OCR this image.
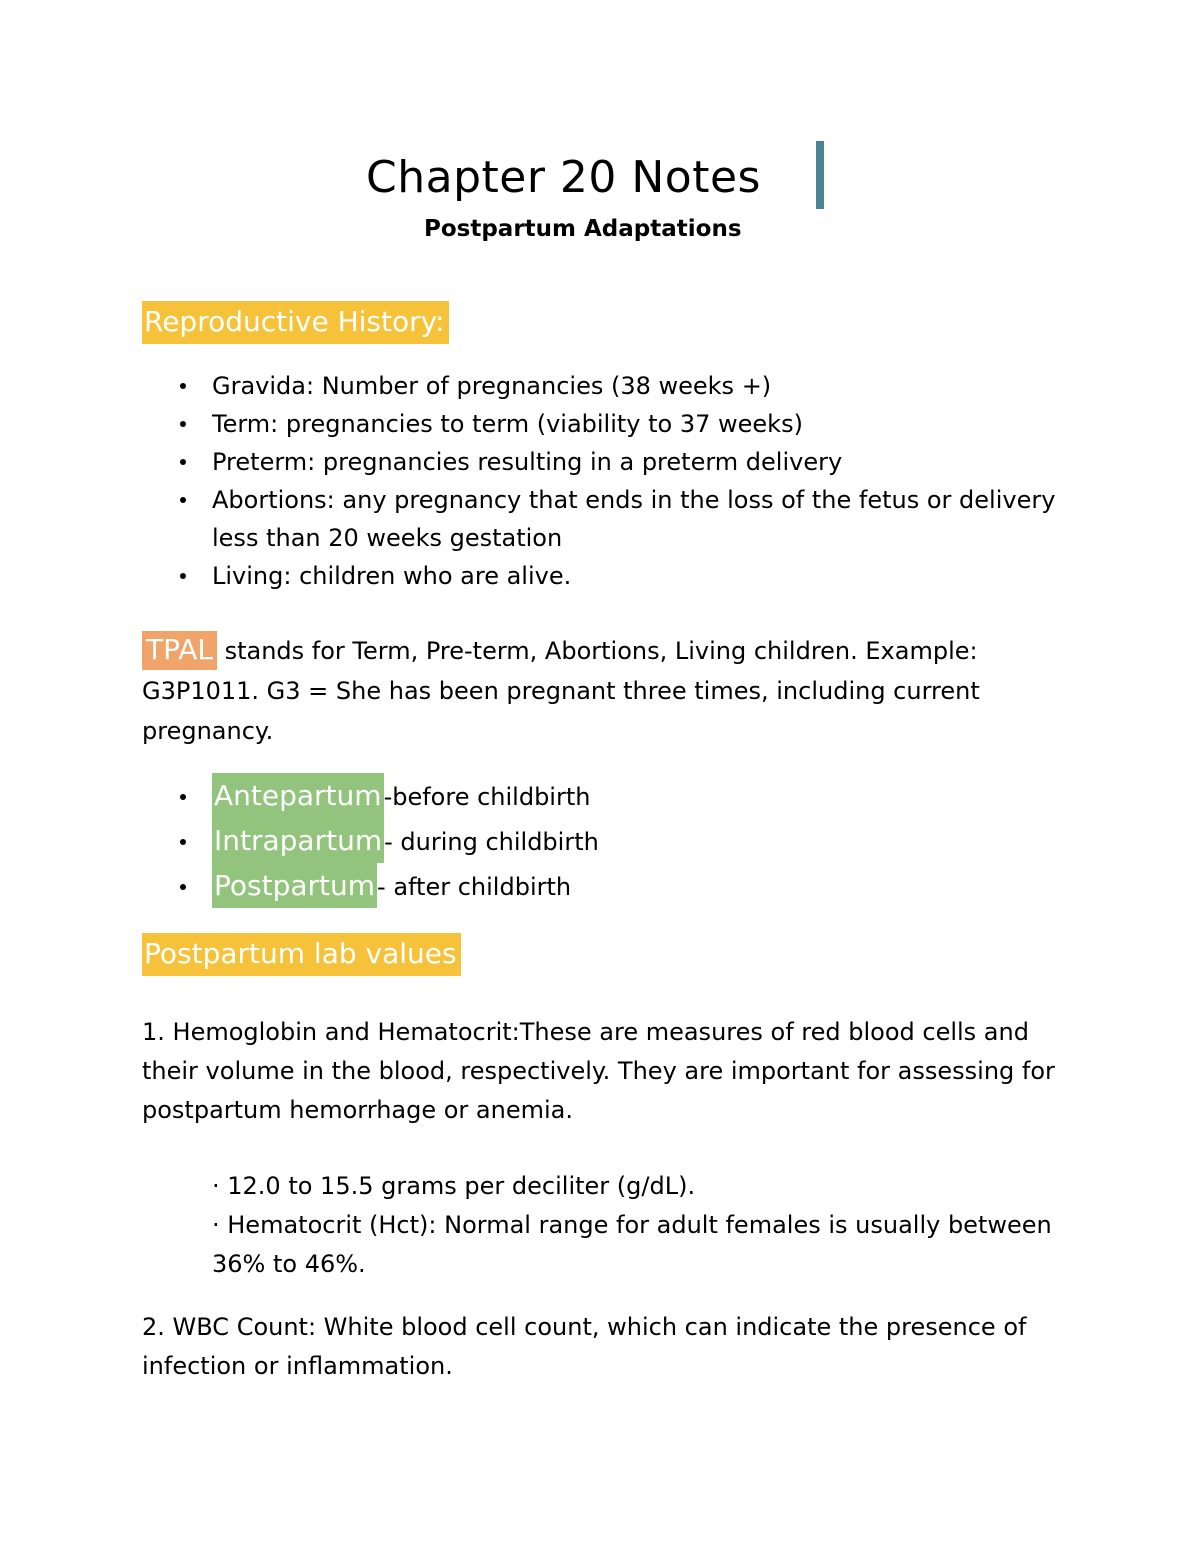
Chapter 20 Notes
Postpartum Adaptations
Reproductive History:
Gravida: Number of pregnancies (38 weeks +)
Term: pregnancies to term (viability to 37 weeks)
Preterm: pregnancies resulting in a preterm delivery
Abortions: any pregnancy that ends in the loss of the fetus or delivery less than 20 weeks gestation
Living: children who are alive.
TPAL stands for Term, Pre-term, Abortions, Living children. Example: G3P1011. G3 = She has been pregnant three times, including current pregnancy.
Antepartum-before childbirth
Intrapartum- during childbirth
Postpartum- after childbirth
Postpartum lab values
1. Hemoglobin and Hematocrit:These are measures of red blood cells and their volume in the blood, respectively. They are important for assessing for postpartum hemorrhage or anemia.
· 12.0 to 15.5 grams per deciliter (g/dL).
· Hematocrit (Hct): Normal range for adult females is usually between 36% to 46%.
2. WBC Count: White blood cell count, which can indicate the presence of infection or inflammation.
